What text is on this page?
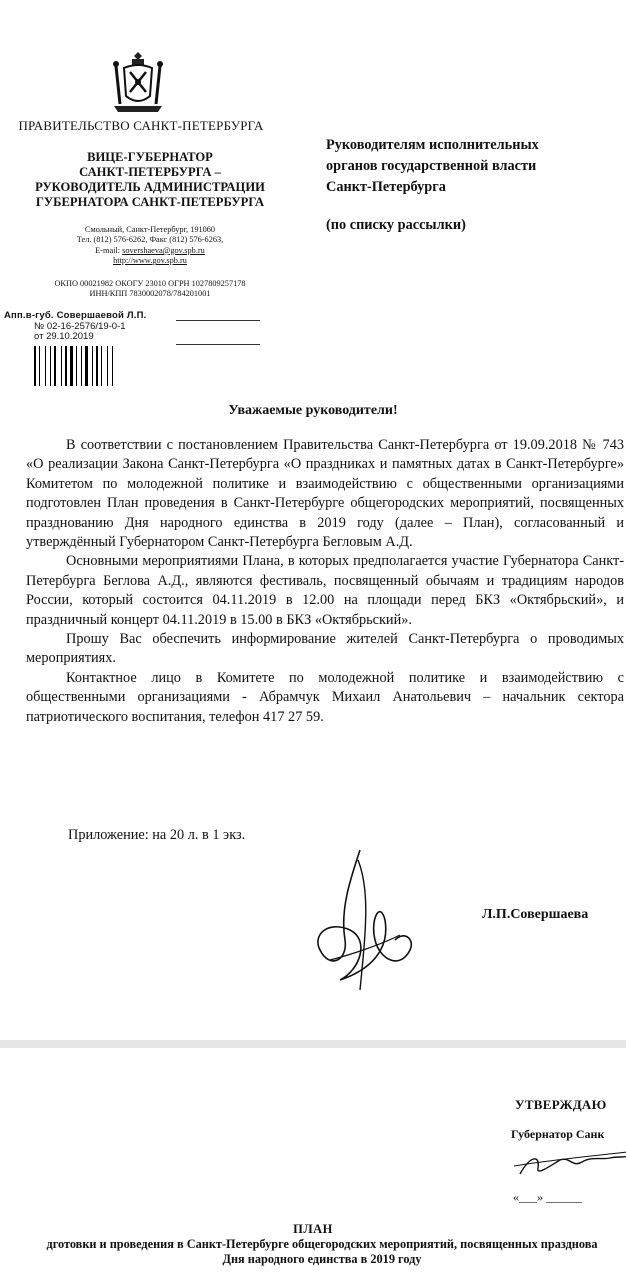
ПРАВИТЕЛЬСТВО САНКТ-ПЕТЕРБУРГА
ВИЦЕ-ГУБЕРНАТОР
САНКТ-ПЕТЕРБУРГА –
РУКОВОДИТЕЛЬ АДМИНИСТРАЦИИ
ГУБЕРНАТОРА САНКТ-ПЕТЕРБУРГА
Смольный, Санкт-Петербург, 191060
Тел. (812) 576-6262, Факс (812) 576-6263,
E-mail: sovershaeva@gov.spb.ru
http://www.gov.spb.ru
ОКПО 00021982 ОКОГУ 23010 ОГРН 1027809257178
ИНН/КПП 7830002078/784201001
Апп.в-губ. Совершаевой Л.П.
№ 02-16-2576/19-0-1
от 29.10.2019
Руководителям исполнительных
органов государственной власти
Санкт-Петербурга
(по списку рассылки)
Уважаемые руководители!

В соответствии с постановлением Правительства Санкт-Петербурга от 19.09.2018 № 743 «О реализации Закона Санкт-Петербурга «О праздниках и памятных датах в Санкт-Петербурге» Комитетом по молодежной политике и взаимодействию с общественными организациями подготовлен План проведения в Санкт-Петербурге общегородских мероприятий, посвященных празднованию Дня народного единства в 2019 году (далее – План), согласованный и утверждённый Губернатором Санкт-Петербурга Бегловым А.Д.

Основными мероприятиями Плана, в которых предполагается участие Губернатора Санкт-Петербурга Беглова А.Д., являются фестиваль, посвященный обычаям и традициям народов России, который состоится 04.11.2019 в 12.00 на площади перед БКЗ «Октябрьский», и праздничный концерт 04.11.2019 в 15.00 в БКЗ «Октябрьский».

Прошу Вас обеспечить информирование жителей Санкт-Петербурга о проводимых мероприятиях.

Контактное лицо в Комитете по молодежной политике и взаимодействию с общественными организациями - Абрамчук Михаил Анатольевич – начальник сектора патриотического воспитания, телефон 417 27 59.

Приложение: на 20 л. в 1 экз.
Л.П.Совершаева
УТВЕРЖДАЮ
Губернатор Санк
«___» ______
ПЛАН
дготовки и проведения в Санкт-Петербурге общегородских мероприятий, посвященных празднова
Дня народного единства в 2019 году
